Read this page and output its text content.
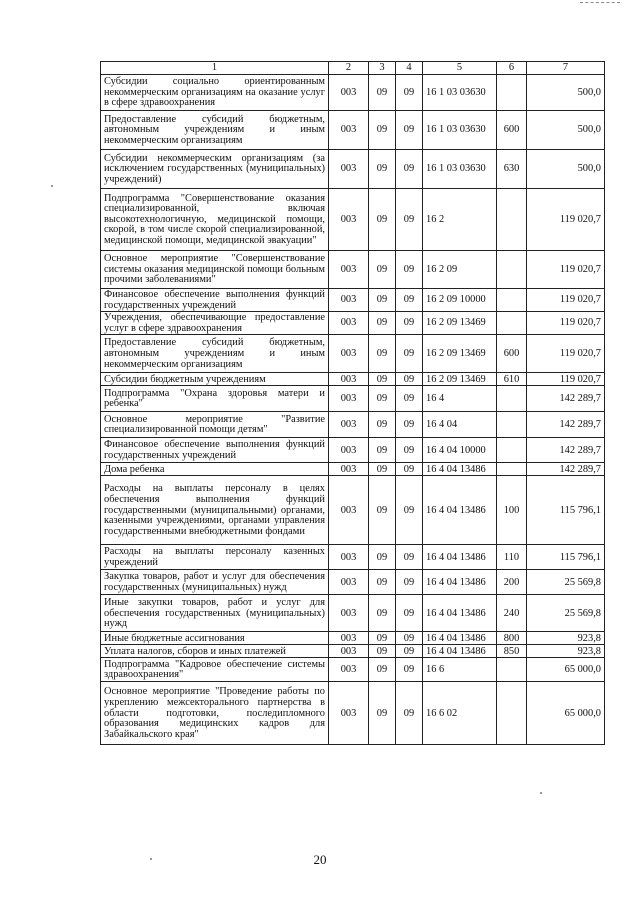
1	2	3	4	5	6	7
Субсидии социально ориентированным некоммерческим организациям на оказание услуг в сфере здравоохранения	003	09	09	16 1 03 03630		500,0
Предоставление субсидий бюджетным, автономным учреждениям и иным некоммерческим организациям	003	09	09	16 1 03 03630	600	500,0
Субсидии некоммерческим организациям (за исключением государственных (муниципальных) учреждений)	003	09	09	16 1 03 03630	630	500,0
Подпрограмма "Совершенствование оказания специализированной, включая высокотехнологичную, медицинской помощи, скорой, в том числе скорой специализированной, медицинской помощи, медицинской эвакуации"	003	09	09	16 2		119 020,7
Основное мероприятие "Совершенствование системы оказания медицинской помощи больным прочими заболеваниями"	003	09	09	16 2 09		119 020,7
Финансовое обеспечение выполнения функций государственных учреждений	003	09	09	16 2 09 10000		119 020,7
Учреждения, обеспечивающие предоставление услуг в сфере здравоохранения	003	09	09	16 2 09 13469		119 020,7
Предоставление субсидий бюджетным, автономным учреждениям и иным некоммерческим организациям	003	09	09	16 2 09 13469	600	119 020,7
Субсидии бюджетным учреждениям	003	09	09	16 2 09 13469	610	119 020,7
Подпрограмма "Охрана здоровья матери и ребенка"	003	09	09	16 4		142 289,7
Основное мероприятие "Развитие специализированной помощи детям"	003	09	09	16 4 04		142 289,7
Финансовое обеспечение выполнения функций государственных учреждений	003	09	09	16 4 04 10000		142 289,7
Дома ребенка	003	09	09	16 4 04 13486		142 289,7
Расходы на выплаты персоналу в целях обеспечения выполнения функций государственными (муниципальными) органами, казенными учреждениями, органами управления государственными внебюджетными фондами	003	09	09	16 4 04 13486	100	115 796,1
Расходы на выплаты персоналу казенных учреждений	003	09	09	16 4 04 13486	110	115 796,1
Закупка товаров, работ и услуг для обеспечения государственных (муниципальных) нужд	003	09	09	16 4 04 13486	200	25 569,8
Иные закупки товаров, работ и услуг для обеспечения государственных (муниципальных) нужд	003	09	09	16 4 04 13486	240	25 569,8
Иные бюджетные ассигнования	003	09	09	16 4 04 13486	800	923,8
Уплата налогов, сборов и иных платежей	003	09	09	16 4 04 13486	850	923,8
Подпрограмма "Кадровое обеспечение системы здравоохранения"	003	09	09	16 6		65 000,0
Основное мероприятие "Проведение работы по укреплению межсекторального партнерства в области подготовки, последипломного образования медицинских кадров для Забайкальского края"	003	09	09	16 6 02		65 000,0
20
